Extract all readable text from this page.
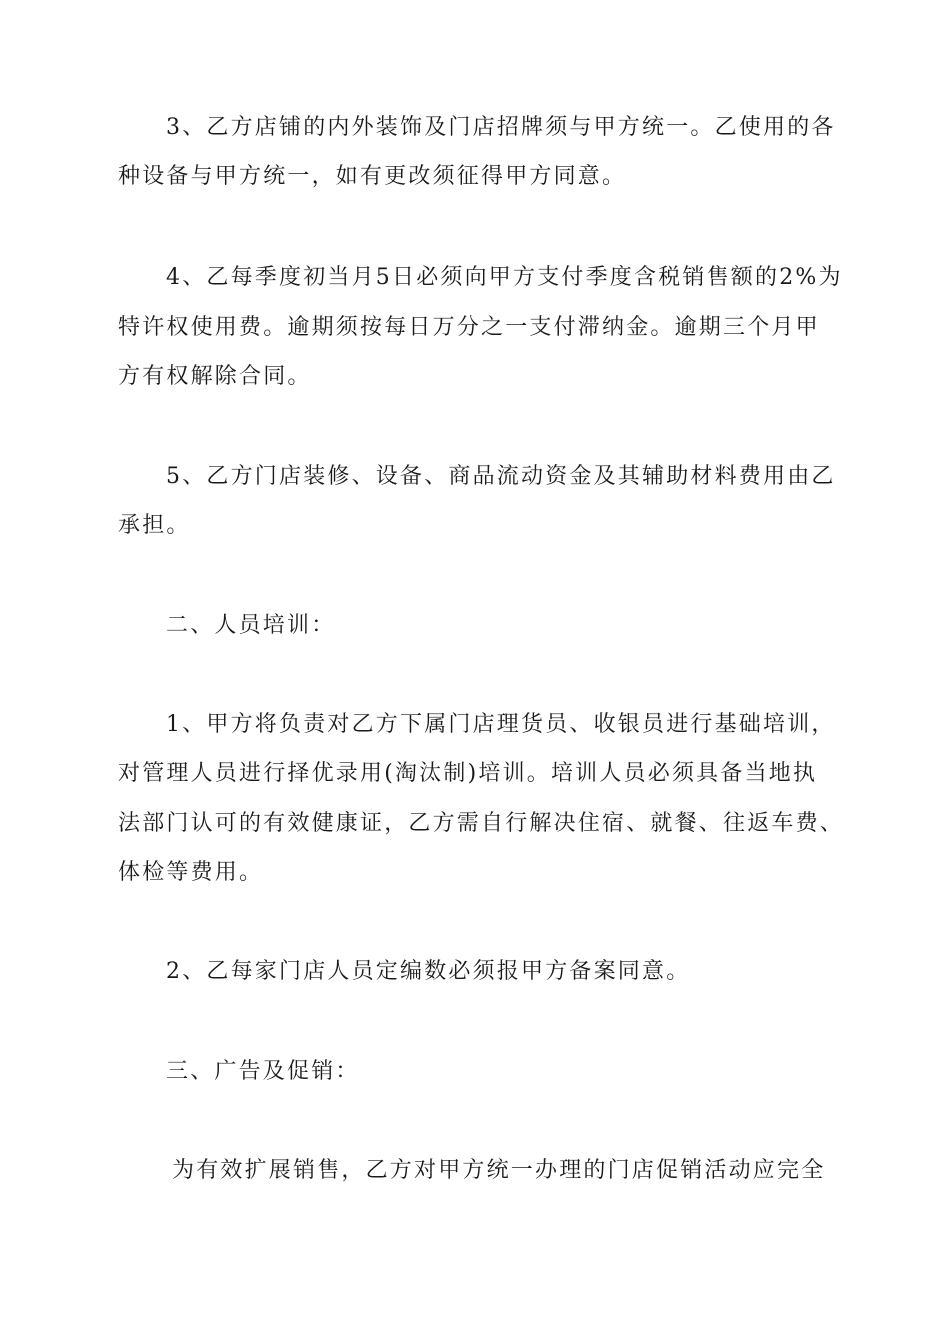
3、乙方店铺的内外装饰及门店招牌须与甲方统一。乙使用的各
种设备与甲方统一，如有更改须征得甲方同意。
4、乙每季度初当月5日必须向甲方支付季度含税销售额的2%为
特许权使用费。逾期须按每日万分之一支付滞纳金。逾期三个月甲
方有权解除合同。
5、乙方门店装修、设备、商品流动资金及其辅助材料费用由乙
承担。
二、人员培训：
1、甲方将负责对乙方下属门店理货员、收银员进行基础培训，
对管理人员进行择优录用(淘汰制)培训。培训人员必须具备当地执
法部门认可的有效健康证，乙方需自行解决住宿、就餐、往返车费、
体检等费用。
2、乙每家门店人员定编数必须报甲方备案同意。
三、广告及促销：
为有效扩展销售，乙方对甲方统一办理的门店促销活动应完全
